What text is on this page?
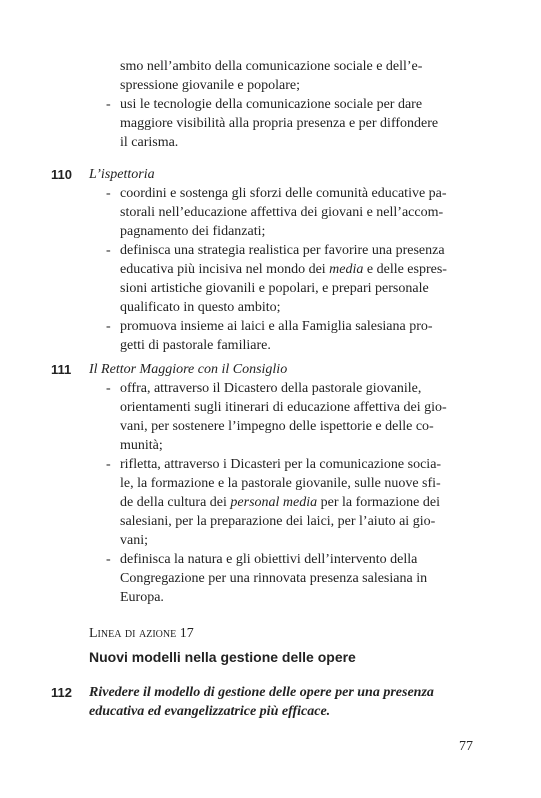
smo nell’ambito della comunicazione sociale e dell’e-
spressione giovanile e popolare;
- usi le tecnologie della comunicazione sociale per dare
maggiore visibilità alla propria presenza e per diffondere
il carisma.
110 L’ispettoria
- coordini e sostenga gli sforzi delle comunità educative pa-
storali nell’educazione affettiva dei giovani e nell’accom-
pagnamento dei fidanzati;
- definisca una strategia realistica per favorire una presenza
educativa più incisiva nel mondo dei media e delle espres-
sioni artistiche giovanili e popolari, e prepari personale
qualificato in questo ambito;
- promuova insieme ai laici e alla Famiglia salesiana pro-
getti di pastorale familiare.
111 Il Rettor Maggiore con il Consiglio
- offra, attraverso il Dicastero della pastorale giovanile,
orientamenti sugli itinerari di educazione affettiva dei gio-
vani, per sostenere l’impegno delle ispettorie e delle co-
munità;
- rifletta, attraverso i Dicasteri per la comunicazione socia-
le, la formazione e la pastorale giovanile, sulle nuove sfi-
de della cultura dei personal media per la formazione dei
salesiani, per la preparazione dei laici, per l’aiuto ai gio-
vani;
- definisca la natura e gli obiettivi dell’intervento della
Congregazione per una rinnovata presenza salesiana in
Europa.
Linea di azione 17
Nuovi modelli nella gestione delle opere
112 Rivedere il modello di gestione delle opere per una presenza
educativa ed evangelizzatrice più efficace.
77
